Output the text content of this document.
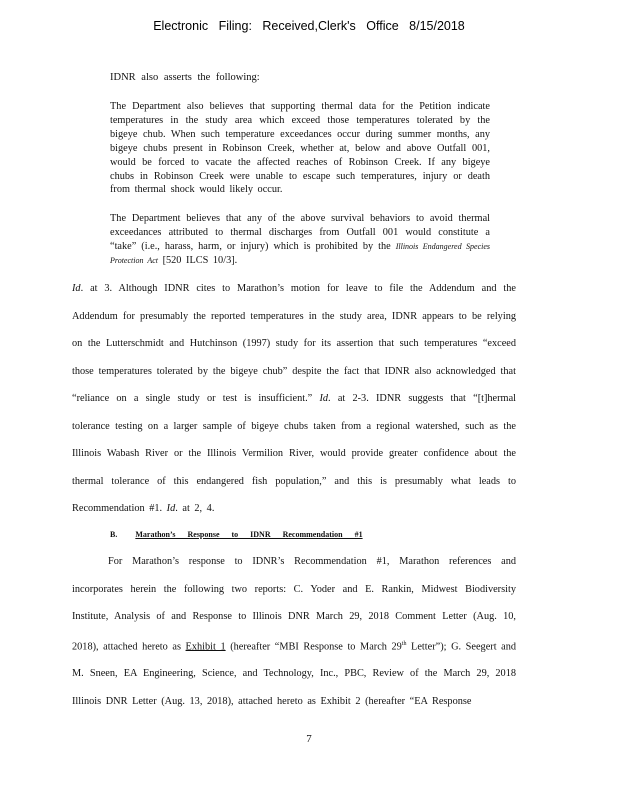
Electronic Filing: Received,Clerk's Office 8/15/2018
IDNR also asserts the following:
The Department also believes that supporting thermal data for the Petition indicate temperatures in the study area which exceed those temperatures tolerated by the bigeye chub. When such temperature exceedances occur during summer months, any bigeye chubs present in Robinson Creek, whether at, below and above Outfall 001, would be forced to vacate the affected reaches of Robinson Creek. If any bigeye chubs in Robinson Creek were unable to escape such temperatures, injury or death from thermal shock would likely occur.
The Department believes that any of the above survival behaviors to avoid thermal exceedances attributed to thermal discharges from Outfall 001 would constitute a “take” (i.e., harass, harm, or injury) which is prohibited by the Illinois Endangered Species Protection Act [520 ILCS 10/3].
Id. at 3. Although IDNR cites to Marathon’s motion for leave to file the Addendum and the Addendum for presumably the reported temperatures in the study area, IDNR appears to be relying on the Lutterschmidt and Hutchinson (1997) study for its assertion that such temperatures “exceed those temperatures tolerated by the bigeye chub” despite the fact that IDNR also acknowledged that “reliance on a single study or test is insufficient.” Id. at 2-3. IDNR suggests that “[t]hermal tolerance testing on a larger sample of bigeye chubs taken from a regional watershed, such as the Illinois Wabash River or the Illinois Vermilion River, would provide greater confidence about the thermal tolerance of this endangered fish population,” and this is presumably what leads to Recommendation #1. Id. at 2, 4.
B. Marathon’s Response to IDNR Recommendation #1
For Marathon’s response to IDNR’s Recommendation #1, Marathon references and incorporates herein the following two reports: C. Yoder and E. Rankin, Midwest Biodiversity Institute, Analysis of and Response to Illinois DNR March 29, 2018 Comment Letter (Aug. 10, 2018), attached hereto as Exhibit 1 (hereafter “MBI Response to March 29th Letter”); G. Seegert and M. Sneen, EA Engineering, Science, and Technology, Inc., PBC, Review of the March 29, 2018 Illinois DNR Letter (Aug. 13, 2018), attached hereto as Exhibit 2 (hereafter “EA Response
7
